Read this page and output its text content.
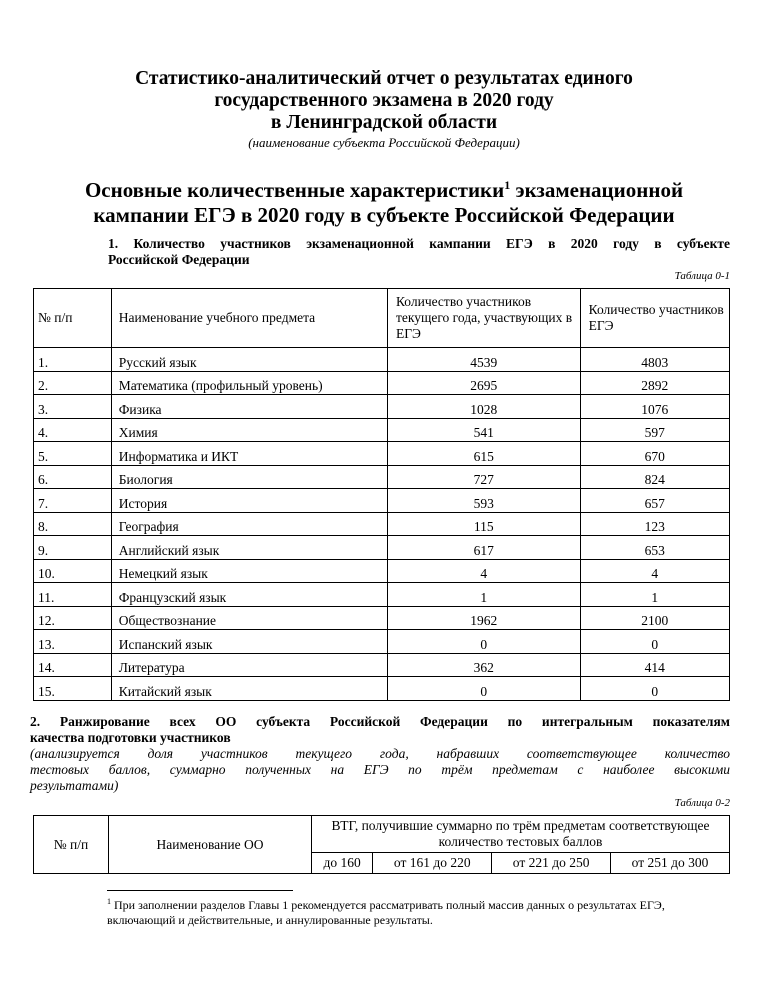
Статистико-аналитический отчет о результатах единого
государственного экзамена в 2020 году
в Ленинградской области
(наименование субъекта Российской Федерации)
Основные количественные характеристики$^1$ экзаменационной
кампании ЕГЭ в 2020 году в субъекте Российской Федерации
1. Количество участников экзаменационной кампании ЕГЭ в 2020 году в субъекте
Российской Федерации
Таблица 0-1
№ п/п	Наименование учебного предмета	Количество участников текущего года, участвующих в ЕГЭ	Количество участников ЕГЭ
1.	Русский язык	4539	4803
2.	Математика (профильный уровень)	2695	2892
3.	Физика	1028	1076
4.	Химия	541	597
5.	Информатика и ИКТ	615	670
6.	Биология	727	824
7.	История	593	657
8.	География	115	123
9.	Английский язык	617	653
10.	Немецкий язык	4	4
11.	Французский язык	1	1
12.	Обществознание	1962	2100
13.	Испанский язык	0	0
14.	Литература	362	414
15.	Китайский язык	0	0
2. Ранжирование всех ОО субъекта Российской Федерации по интегральным показателям
качества подготовки участников
(анализируется доля участников текущего года, набравших соответствующее количество
тестовых баллов, суммарно полученных на ЕГЭ по трём предметам с наиболее высокими
результатами)
Таблица 0-2
№ п/п	Наименование ОО	ВТГ, получившие суммарно по трём предметам соответствующее количество тестовых баллов			
		до 160	от 161 до 220	от 221 до 250	от 251 до 300
$^1$ При заполнении разделов Главы 1 рекомендуется рассматривать полный массив данных о результатах ЕГЭ, включающий и действительные, и аннулированные результаты.
